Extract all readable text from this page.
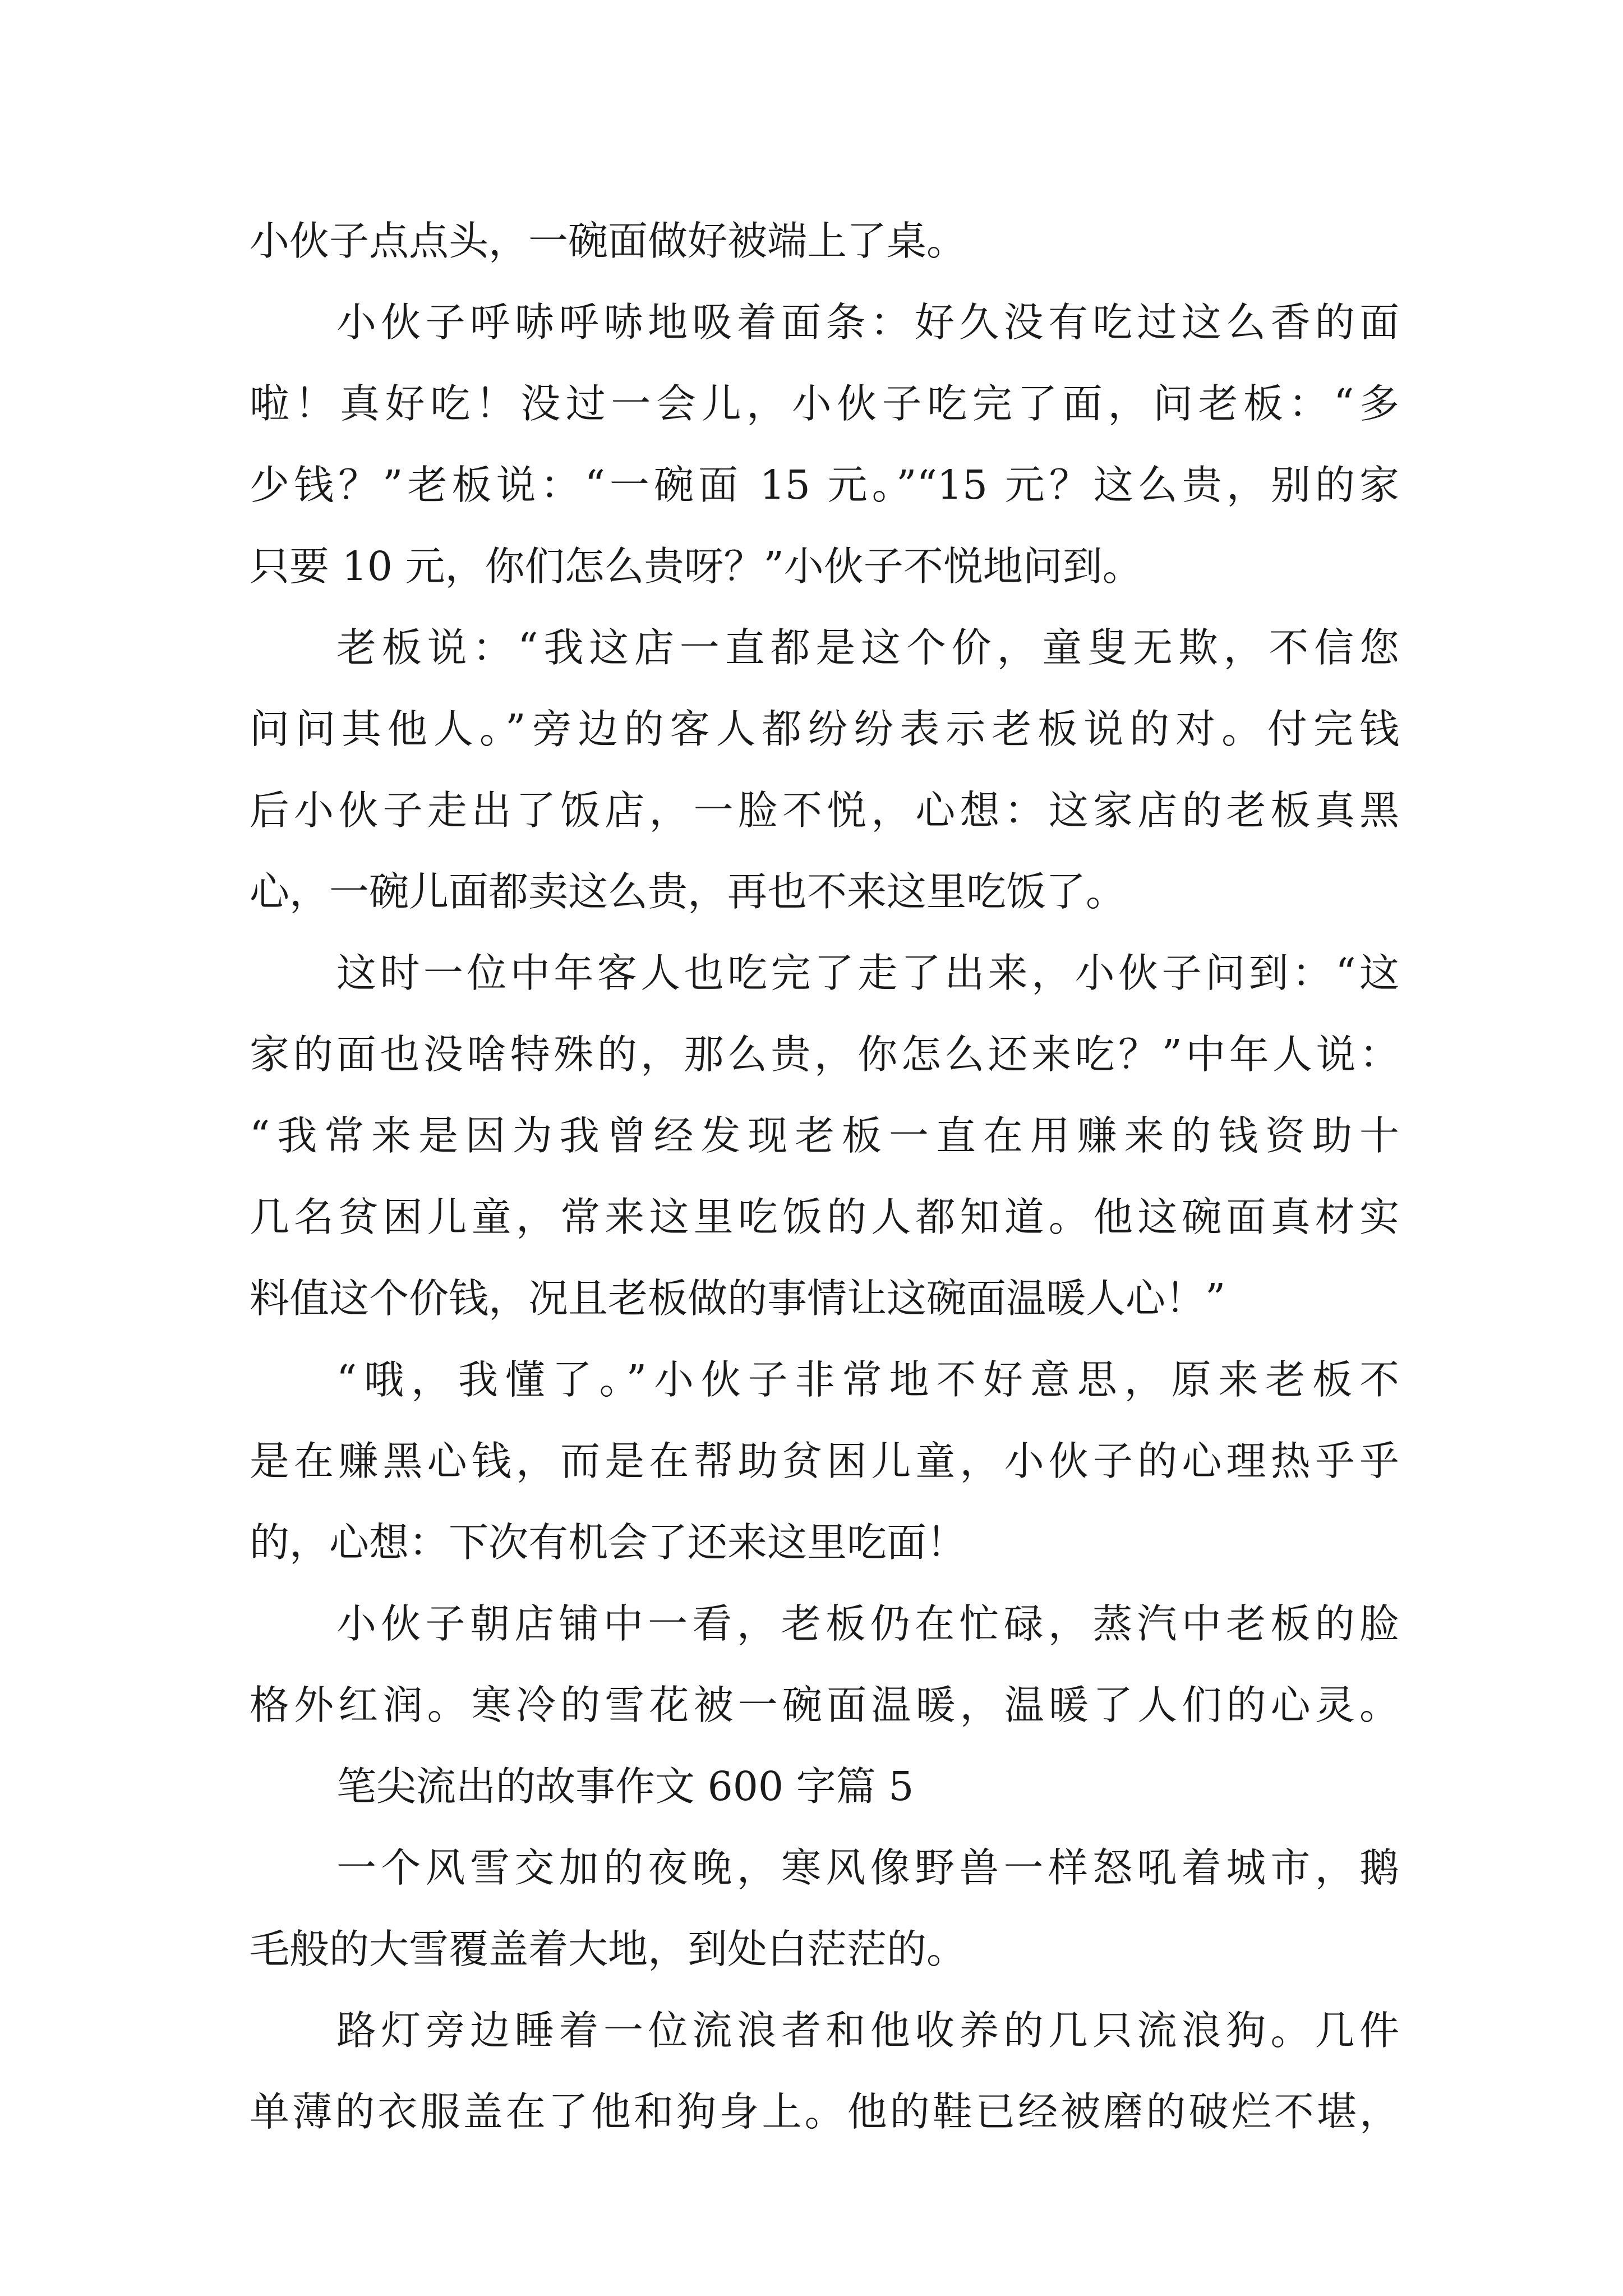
小伙子点点头，一碗面做好被端上了桌。
小伙子呼哧呼哧地吸着面条：好久没有吃过这么香的面
啦！真好吃！没过一会儿，小伙子吃完了面，问老板：“多
少钱？”老板说：“一碗面 15 元。”“15 元？这么贵，别的家
只要 10 元，你们怎么贵呀？”小伙子不悦地问到。
老板说：“我这店一直都是这个价，童叟无欺，不信您
问问其他人。”旁边的客人都纷纷表示老板说的对。付完钱
后小伙子走出了饭店，一脸不悦，心想：这家店的老板真黑
心，一碗儿面都卖这么贵，再也不来这里吃饭了。
这时一位中年客人也吃完了走了出来，小伙子问到：“这
家的面也没啥特殊的，那么贵，你怎么还来吃？”中年人说：
“我常来是因为我曾经发现老板一直在用赚来的钱资助十
几名贫困儿童，常来这里吃饭的人都知道。他这碗面真材实
料值这个价钱，况且老板做的事情让这碗面温暖人心！”
“哦，我懂了。”小伙子非常地不好意思，原来老板不
是在赚黑心钱，而是在帮助贫困儿童，小伙子的心理热乎乎
的，心想：下次有机会了还来这里吃面！
小伙子朝店铺中一看，老板仍在忙碌，蒸汽中老板的脸
格外红润。寒冷的雪花被一碗面温暖，温暖了人们的心灵。
笔尖流出的故事作文 600 字篇 5
一个风雪交加的夜晚，寒风像野兽一样怒吼着城市，鹅
毛般的大雪覆盖着大地，到处白茫茫的。
路灯旁边睡着一位流浪者和他收养的几只流浪狗。几件
单薄的衣服盖在了他和狗身上。他的鞋已经被磨的破烂不堪，
